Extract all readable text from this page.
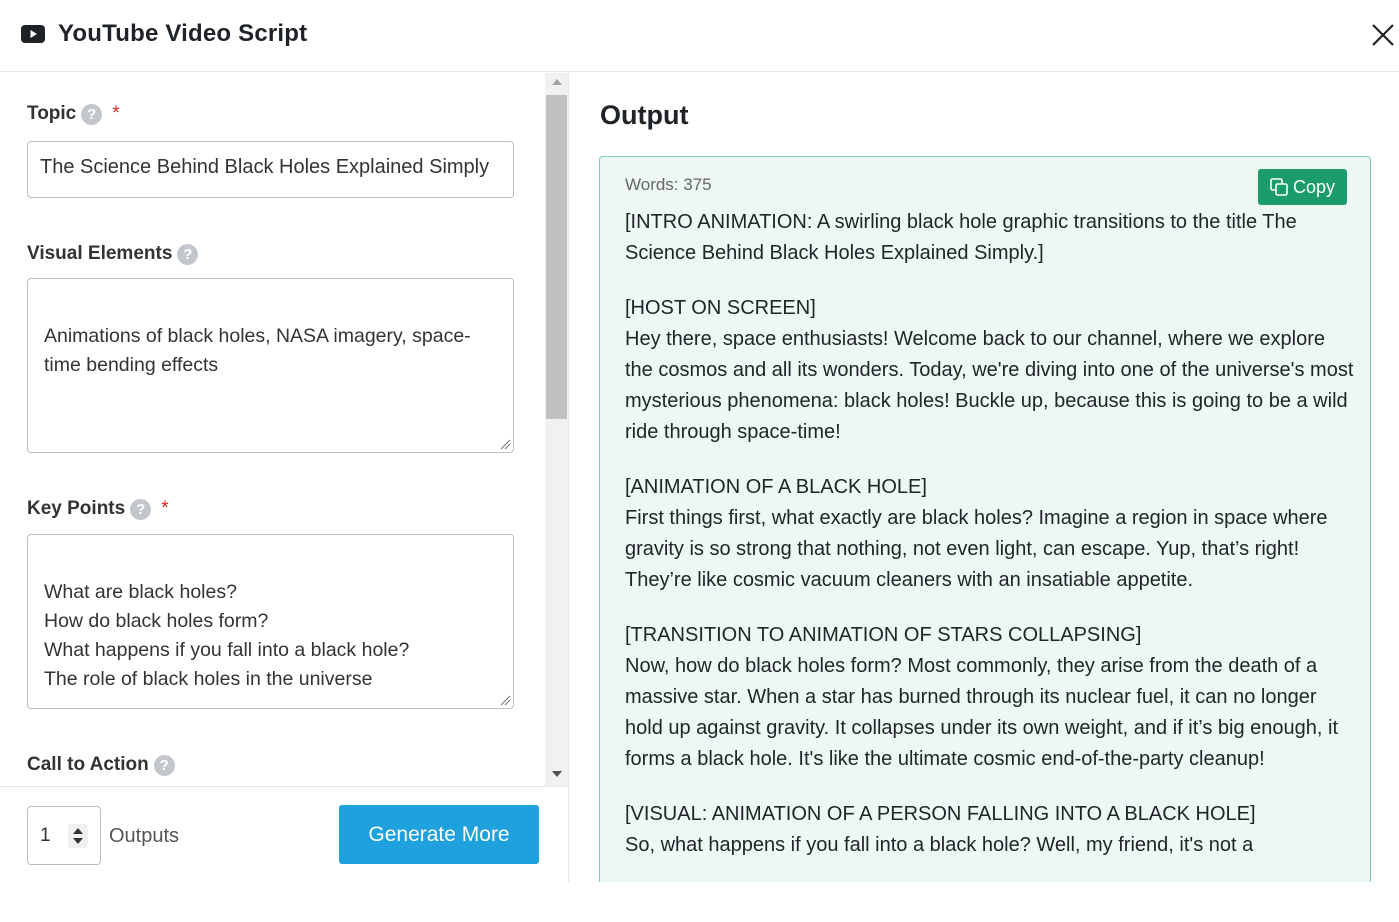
YouTube Video Script
Topic ? *
The Science Behind Black Holes Explained Simply
Visual Elements ?

Animations of black holes, NASA imagery, space-
time bending effects

Key Points ? *

What are black holes?
How do black holes form?
What happens if you fall into a black hole?
The role of black holes in the universe

Call to Action ?
1	Outputs	Generate More
Output
Words: 375	Copy

[INTRO ANIMATION: A swirling black hole graphic transitions to the title The Science Behind Black Holes Explained Simply.]

[HOST ON SCREEN]
Hey there, space enthusiasts! Welcome back to our channel, where we explore the cosmos and all its wonders. Today, we're diving into one of the universe's most mysterious phenomena: black holes! Buckle up, because this is going to be a wild ride through space-time!

[ANIMATION OF A BLACK HOLE]
First things first, what exactly are black holes? Imagine a region in space where gravity is so strong that nothing, not even light, can escape. Yup, that’s right! They’re like cosmic vacuum cleaners with an insatiable appetite.

[TRANSITION TO ANIMATION OF STARS COLLAPSING]
Now, how do black holes form? Most commonly, they arise from the death of a massive star. When a star has burned through its nuclear fuel, it can no longer hold up against gravity. It collapses under its own weight, and if it’s big enough, it forms a black hole. It's like the ultimate cosmic end-of-the-party cleanup!

[VISUAL: ANIMATION OF A PERSON FALLING INTO A BLACK HOLE]
So, what happens if you fall into a black hole? Well, my friend, it's not a
